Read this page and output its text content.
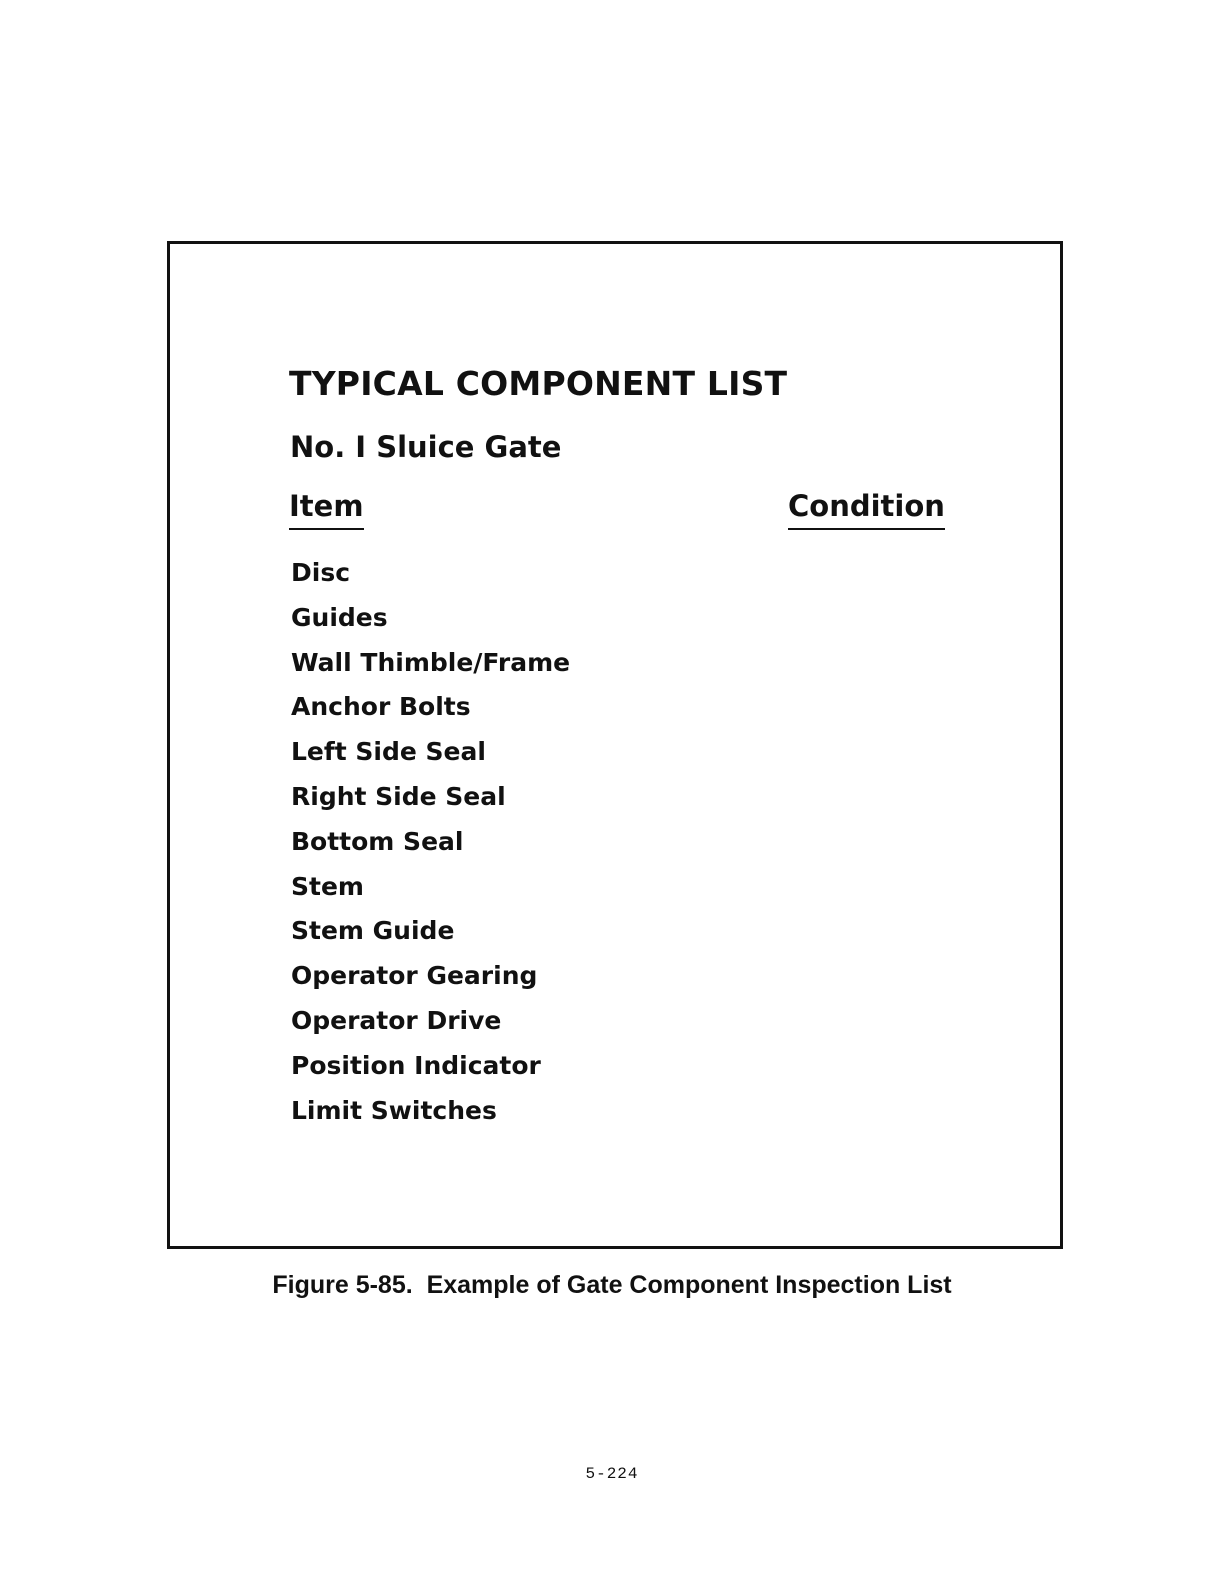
TYPICAL COMPONENT LIST
No. I Sluice Gate
Item	Condition
Disc
Guides
Wall Thimble/Frame
Anchor Bolts
Left Side Seal
Right Side Seal
Bottom Seal
Stem
Stem Guide
Operator Gearing
Operator Drive
Position Indicator
Limit Switches
Figure 5-85.  Example of Gate Component Inspection List
5-224
